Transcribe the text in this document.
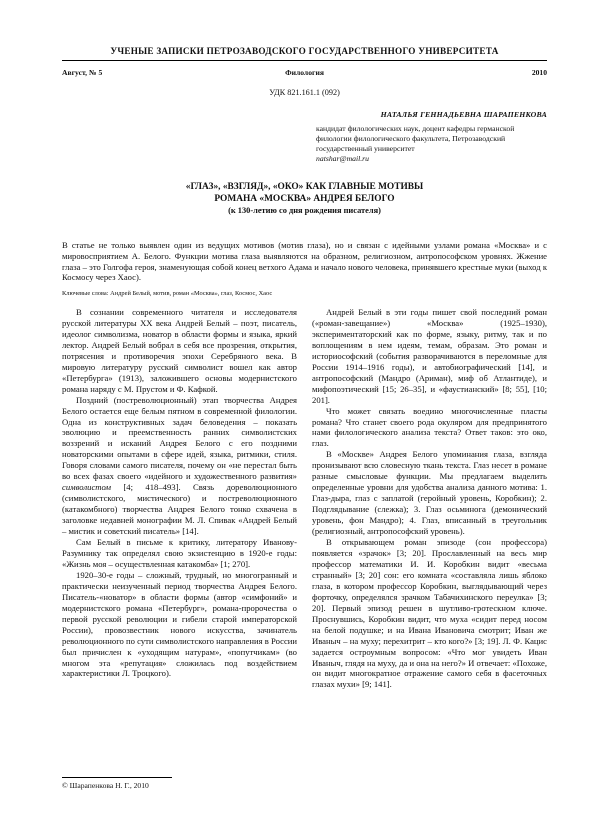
УЧЕНЫЕ ЗАПИСКИ ПЕТРОЗАВОДСКОГО ГОСУДАРСТВЕННОГО УНИВЕРСИТЕТА
Филология
Август, № 5	2010
УДК 821.161.1 (092)
НАТАЛЬЯ ГЕННАДЬЕВНА ШАРАПЕНКОВА
кандидат филологических наук, доцент кафедры германской филологии филологического факультета, Петрозаводский государственный университет
natshar@mail.ru
«ГЛАЗ», «ВЗГЛЯД», «ОКО» КАК ГЛАВНЫЕ МОТИВЫ
РОМАНА «МОСКВА» АНДРЕЯ БЕЛОГО
(к 130-летию со дня рождения писателя)
В статье не только выявлен один из ведущих мотивов (мотив глаза), но и связан с идейными узлами романа «Москва» и с мировосприятием А. Белого. Функции мотива глаза выявляются на образном, религиозном, антропософском уровнях. Жжение глаза – это Голгофа героя, знаменующая собой конец ветхого Адама и начало нового человека, принявшего крестные муки (выход к Космосу через Хаос).
Ключевые слова: Андрей Белый, мотив, роман «Москва», глаз, Космос, Хаос

В сознании современного читателя и исследователя русской литературы XX века Андрей Белый – поэт, писатель, идеолог символизма, новатор в области формы и языка, яркий лектор. Андрей Белый вобрал в себя все прозрения, открытия, потрясения и противоречия эпохи Серебряного века. В мировую литературу русский символист вошел как автор «Петербурга» (1913), заложившего основы модернистского романа наряду с М. Прустом и Ф. Кафкой.

Поздний (постреволюционный) этап творчества Андрея Белого остается еще белым пятном в современной филологии. Одна из конструктивных задач беловедения – показать эволюцию и преемственность ранних символистских воззрений и исканий Андрея Белого с его поздними новаторскими опытами в сфере идей, языка, ритмики, стиля. Говоря словами самого писателя, почему он «не перестал быть во всех фазах своего «идейного и художественного развития» символистом [4; 418–493]. Связь дореволюционного (символистского, мистического) и постреволюционного (катакомбного) творчества Андрея Белого тонко схвачена в заголовке недавней монографии М. Л. Спивак «Андрей Белый – мистик и советский писатель» [14].

Сам Белый в письме к критику, литератору Иванову-Разумнику так определял свою экзистенцию в 1920-е годы: «Жизнь моя – осуществленная катакомба» [1; 270].

1920–30-е годы – сложный, трудный, но многогранный и практически неизученный период творчества Андрея Белого. Писатель-«новатор» в области формы (автор «симфоний» и модернистского романа «Петербург», романа-пророчества о первой русской революции и гибели старой императорской России), провозвестник нового искусства, зачинатель революционного по сути символистского направления в России был причислен к «уходящим натурам», «попутчикам» (во многом эта «репутация» сложилась под воздействием характеристики Л. Троцкого).

Андрей Белый в эти годы пишет свой последний роман («роман-завещание») «Москва» (1925–1930), экспериментаторский как по форме, языку, ритму, так и по воплощениям в нем идеям, темам, образам. Это роман и историософский (события разворачиваются в переломные для России 1914–1916 годы), и автобиографический [14], и антропософский (Мандро (Ариман), миф об Атлантиде), и мифопоэтический [15; 26–35], и «фаустианский» [8; 55], [10; 201].

Что может связать воедино многочисленные пласты романа? Что станет своего рода окуляром для предпринятого нами филологического анализа текста? Ответ таков: это око, глаз.

В «Москве» Андрея Белого упоминания глаза, взгляда пронизывают всю словесную ткань текста. Глаз несет в романе разные смысловые функции. Мы предлагаем выделить определенные уровни для удобства анализа данного мотива: 1. Глаз-дыра, глаз с заплатой (геройный уровень, Коробкин); 2. Подглядывание (слежка); 3. Глаз осьминога (демонический уровень, фон Мандро); 4. Глаз, вписанный в треугольник (религиозный, антропософский уровень).

В открывающем роман эпизоде (сон профессора) появляется «зрачок» [3; 20]. Прославленный на весь мир профессор математики И. И. Коробкин видит «весьма странный» [3; 20] сон: его комната «составляла лишь яблоко глаза, в котором профессор Коробкин, выглядывающий через форточку, определялся зрачком Табачихинского переулка» [3; 20]. Первый эпизод решен в шутливо-гротескном ключе. Проснувшись, Коробкин видит, что муха «сидит перед носом на белой подушке; и на Ивана Ивановича смотрит; Иван же Иваныч – на муху; перехитрит – кто кого?» [3; 19]. Л. Ф. Кацис задается остроумным вопросом: «Что мог увидеть Иван Иваныч, глядя на муху, да и она на него?» И отвечает: «Похоже, он видит многократное отражение самого себя в фасеточных глазах мухи» [9; 141].

© Шарапенкова Н. Г., 2010
